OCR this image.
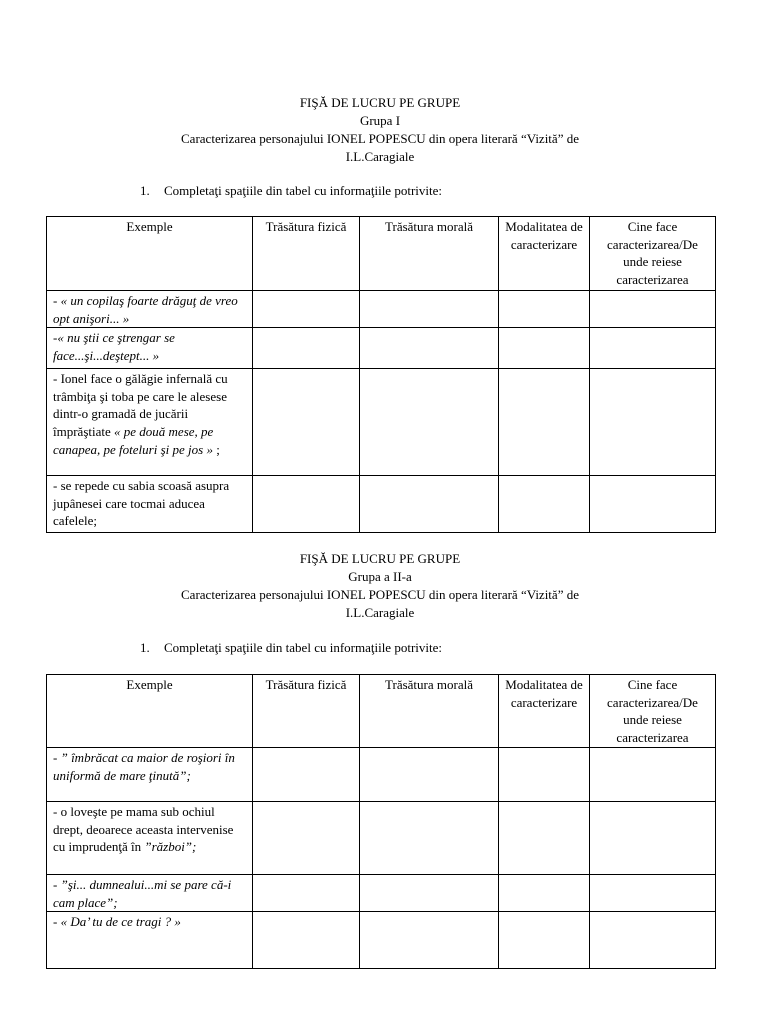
FIŞĂ DE LUCRU PE GRUPE
Grupa I
Caracterizarea personajului IONEL POPESCU din opera literară “Vizită” de
I.L.Caragiale
1. Completaţi spaţiile din tabel cu informaţiile potrivite:
Exemple	Trăsătura fizică	Trăsătura morală	Modalitatea de caracterizare	Cine face caracterizarea/De unde reiese caracterizarea
- « un copilaş foarte drăguţ de vreo opt anişori... »				
-« nu ştii ce ştrengar se face...şi...deştept... »				
- Ionel face o gălăgie infernală cu trâmbiţa şi toba pe care le alesese dintr-o gramadă de jucării împrăştiate « pe două mese, pe canapea, pe foteluri şi pe jos » ;				
- se repede cu sabia scoasă asupra jupânesei care tocmai aducea cafelele;				
FIŞĂ DE LUCRU PE GRUPE
Grupa a II-a
Caracterizarea personajului IONEL POPESCU din opera literară “Vizită” de
I.L.Caragiale
1. Completaţi spaţiile din tabel cu informaţiile potrivite:
Exemple	Trăsătura fizică	Trăsătura morală	Modalitatea de caracterizare	Cine face caracterizarea/De unde reiese caracterizarea
- ” îmbrăcat ca maior de roşiori în uniformă de mare ţinută”;				
- o loveşte pe mama sub ochiul drept, deoarece aceasta intervenise cu imprudenţă în ”război”;				
- ”şi... dumnealui...mi se pare că-i cam place”;				
- « Da’ tu de ce tragi ? »				
